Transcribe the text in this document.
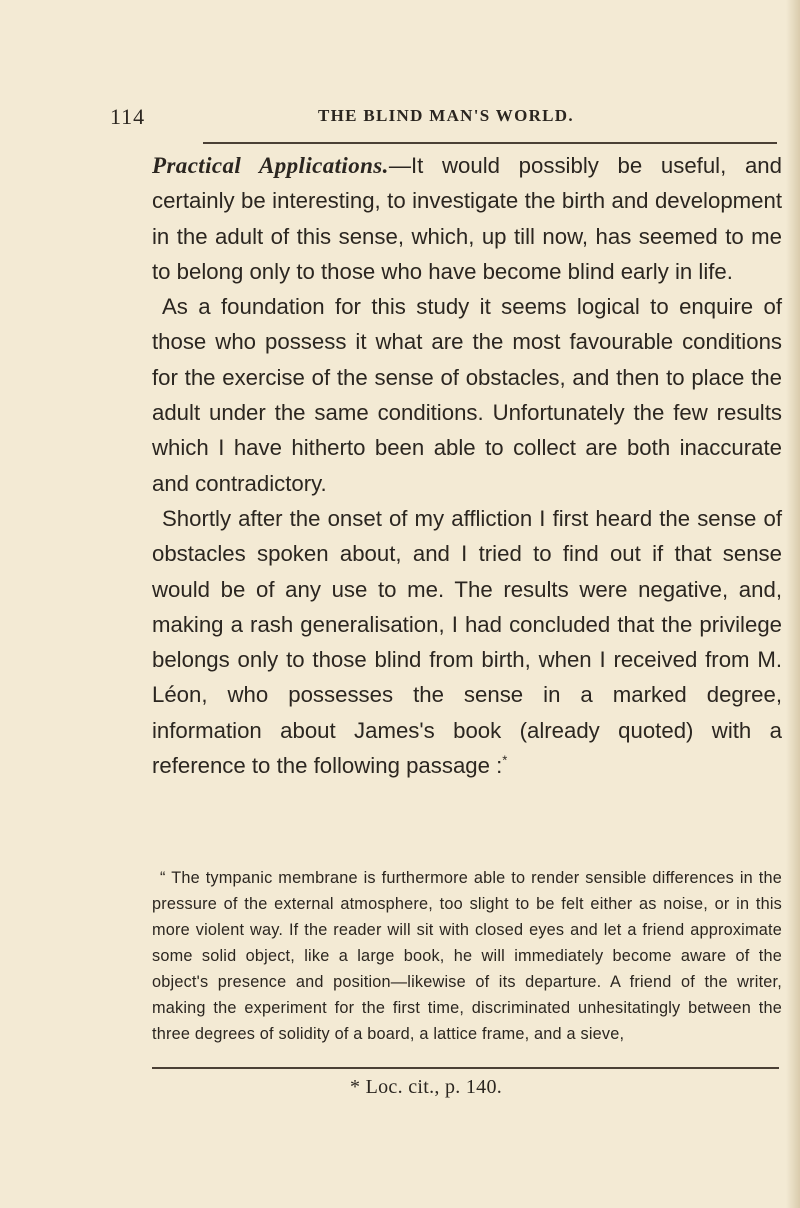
114	THE BLIND MAN'S WORLD.

Practical Applications.—It would possibly be useful, and certainly be interesting, to investigate the birth and development in the adult of this sense, which, up till now, has seemed to me to belong only to those who have become blind early in life.

As a foundation for this study it seems logical to enquire of those who possess it what are the most favourable conditions for the exercise of the sense of obstacles, and then to place the adult under the same conditions. Unfortunately the few results which I have hitherto been able to collect are both inaccurate and contradictory.

Shortly after the onset of my affliction I first heard the sense of obstacles spoken about, and I tried to find out if that sense would be of any use to me. The results were negative, and, making a rash generalisation, I had concluded that the privilege belongs only to those blind from birth, when I received from M. Léon, who possesses the sense in a marked degree, information about James's book (already quoted) with a reference to the following passage :*

“ The tympanic membrane is furthermore able to render sensible differences in the pressure of the external atmosphere, too slight to be felt either as noise, or in this more violent way. If the reader will sit with closed eyes and let a friend approximate some solid object, like a large book, he will immediately become aware of the object's presence and position—likewise of its departure. A friend of the writer, making the experiment for the first time, discriminated unhesitatingly between the three degrees of solidity of a board, a lattice frame, and a sieve,

* Loc. cit., p. 140.
